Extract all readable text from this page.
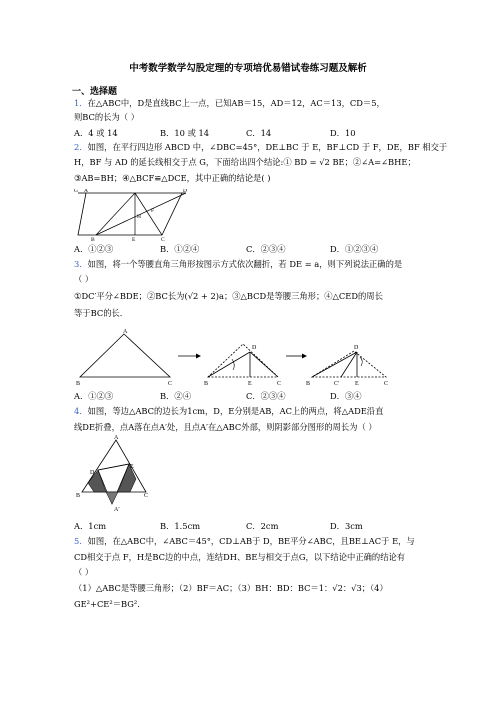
中考数学数学勾股定理的专项培优易错试卷练习题及解析
一、选择题
1．在△ABC中，D是直线BC上一点，已知AB＝15，AD＝12，AC＝13，CD＝5，
则BC的长为（ ）
A．4 或 14	B．10 或 14	C．14	D．10
2．如图，在平行四边形 ABCD 中，∠DBC=45°，DE⊥BC 于 E，BF⊥CD 于 F，DE，BF 相交于
H，BF 与 AD 的延长线相交于点 G，下面给出四个结论:① BD = √2 BE；②∠A=∠BHE；
③AB=BH；④△BCF≌△DCE，其中正确的结论是( )
G A	D
H
F
B	E	C
A．①②③	B．①②④	C．②③④	D．①②③④
3．如图，将一个等腰直角三角形按图示方式依次翻折，若 DE = a，则下列说法正确的是
（ ）
①DC′平分∠BDE；②BC长为(√2 + 2)a；③△BCD是等腰三角形；④△CED的周长
等于BC的长．
A
B	C
D
B	E	C
D
B	C′	E	C
A．①②③	B．②④	C．②③④	D．③④
4．如图，等边△ABC的边长为1cm，D，E分别是AB，AC上的两点，将△ADE沿直
线DE折叠，点A落在点A′处，且点A′在△ABC外部，则阴影部分图形的周长为（ ）
A
D
E
B	C
A′
A．1cm	B．1.5cm	C．2cm	D．3cm
5．如图，在△ABC中，∠ABC＝45°，CD⊥AB于 D，BE平分∠ABC，且BE⊥AC于 E，与
CD相交于点 F，H是BC边的中点，连结DH、BE与相交于点G，以下结论中正确的结论有
（ ）
（1）△ABC是等腰三角形；（2）BF＝AC；（3）BH：BD：BC＝1：√2：√3；（4）
GE²+CE²＝BG².
